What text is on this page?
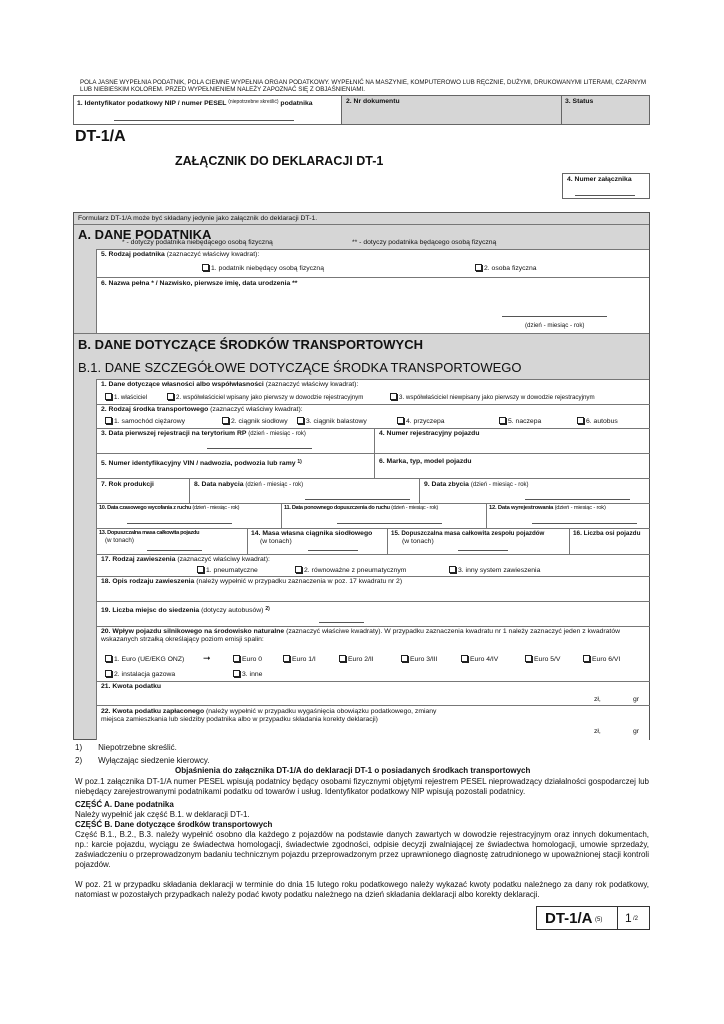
POLA JASNE WYPEŁNIA PODATNIK, POLA CIEMNE WYPEŁNIA ORGAN PODATKOWY. WYPEŁNIĆ NA MASZYNIE, KOMPUTEROWO LUB RĘCZNIE, DUŻYMI, DRUKOWANYMI LITERAMI, CZARNYM LUB NIEBIESKIM KOLOREM. PRZED WYPEŁNIENIEM NALEŻY ZAPOZNAĆ SIĘ Z OBJAŚNIENIAMI.
1. Identyfikator podatkowy NIP / numer PESEL $^{(niepotrzebne skreślić)}$ podatnika	2. Nr dokumentu	3. Status
DT-1/A
ZAŁĄCZNIK DO DEKLARACJI DT-1
4. Numer załącznika
Formularz DT-1/A może być składany jedynie jako załącznik do deklaracji DT-1.
A. DANE PODATNIKA
* - dotyczy podatnika niebędącego osobą fizyczną	** - dotyczy podatnika będącego osobą fizyczną
5. Rodzaj podatnika (zaznaczyć właściwy kwadrat):
1. podatnik niebędący osobą fizyczną	2. osoba fizyczna
6. Nazwa pełna * / Nazwisko, pierwsze imię, data urodzenia **
(dzień - miesiąc - rok)
B. DANE DOTYCZĄCE ŚRODKÓW TRANSPORTOWYCH
B.1. DANE SZCZEGÓŁOWE DOTYCZĄCE ŚRODKA TRANSPORTOWEGO
1. Dane dotyczące własności albo współwłasności (zaznaczyć właściwy kwadrat):
1. właściciel	2. współwłaściciel wpisany jako pierwszy w dowodzie rejestracyjnym	3. współwłaściciel niewpisany jako pierwszy w dowodzie rejestracyjnym
2. Rodzaj środka transportowego (zaznaczyć właściwy kwadrat):
1. samochód ciężarowy	2. ciągnik siodłowy	3. ciągnik balastowy	4. przyczepa	5. naczepa	6. autobus
3. Data pierwszej rejestracji na terytorium RP (dzień - miesiąc - rok)	4. Numer rejestracyjny pojazdu
5. Numer identyfikacyjny VIN / nadwozia, podwozia lub ramy $^{1)}$	6. Marka, typ, model pojazdu
7. Rok produkcji	8. Data nabycia (dzień - miesiąc - rok)	9. Data zbycia (dzień - miesiąc - rok)
10. Data czasowego wycofania z ruchu (dzień - miesiąc - rok)	11. Data ponownego dopuszczenia do ruchu (dzień - miesiąc - rok)	12. Data wyrejestrowania (dzień - miesiąc - rok)
13. Dopuszczalna masa całkowita pojazdu
(w tonach)
14. Masa własna ciągnika siodłowego
(w tonach)
15. Dopuszczalna masa całkowita zespołu pojazdów
(w tonach)
16. Liczba osi pojazdu
17. Rodzaj zawieszenia (zaznaczyć właściwy kwadrat):
1. pneumatyczne	2. równoważne z pneumatycznym	3. inny system zawieszenia
18. Opis rodzaju zawieszenia (należy wypełnić w przypadku zaznaczenia w poz. 17 kwadratu nr 2)
19. Liczba miejsc do siedzenia (dotyczy autobusów) $^{2)}$
20. Wpływ pojazdu silnikowego na środowisko naturalne (zaznaczyć właściwe kwadraty). W przypadku zaznaczenia kwadratu nr 1 należy zaznaczyć jeden z kwadratów wskazanych strzałką określający poziom emisji spalin:
1. Euro (UE/EKG ONZ) ➞	Euro 0	Euro 1/I	Euro 2/II	Euro 3/III	Euro 4/IV	Euro 5/V	Euro 6/VI
2. instalacja gazowa	3. inne
21. Kwota podatku
zł,	gr
22. Kwota podatku zapłaconego (należy wypełnić w przypadku wygaśnięcia obowiązku podatkowego, zmiany miejsca zamieszkania lub siedziby podatnika albo w przypadku składania korekty deklaracji)
zł,	gr
1) Niepotrzebne skreślić.
2) Wyłączając siedzenie kierowcy.
Objaśnienia do załącznika DT-1/A do deklaracji DT-1 o posiadanych środkach transportowych
W poz.1 załącznika DT-1/A numer PESEL wpisują podatnicy będący osobami fizycznymi objętymi rejestrem PESEL nieprowadzący działalności gospodarczej lub niebędący zarejestrowanymi podatnikami podatku od towarów i usług. Identyfikator podatkowy NIP wpisują pozostali podatnicy.
CZĘŚĆ A. Dane podatnika
Należy wypełnić jak część B.1. w deklaracji DT-1.
CZĘŚĆ B. Dane dotyczące środków transportowych
Część B.1., B.2., B.3. należy wypełnić osobno dla każdego z pojazdów na podstawie danych zawartych w dowodzie rejestracyjnym oraz innych dokumentach, np.: karcie pojazdu, wyciągu ze świadectwa homologacji, świadectwie zgodności, odpisie decyzji zwalniającej ze świadectwa homologacji, umowie sprzedaży, zaświadczeniu o przeprowadzonym badaniu technicznym pojazdu przeprowadzonym przez uprawnionego diagnostę zatrudnionego w upoważnionej stacji kontroli pojazdów.
W poz. 21 w przypadku składania deklaracji w terminie do dnia 15 lutego roku podatkowego należy wykazać kwoty podatku należnego za dany rok podatkowy, natomiast w pozostałych przypadkach należy podać kwoty podatku należnego na dzień składania deklaracji albo korekty deklaracji.
DT-1/A (5) 1 /2
